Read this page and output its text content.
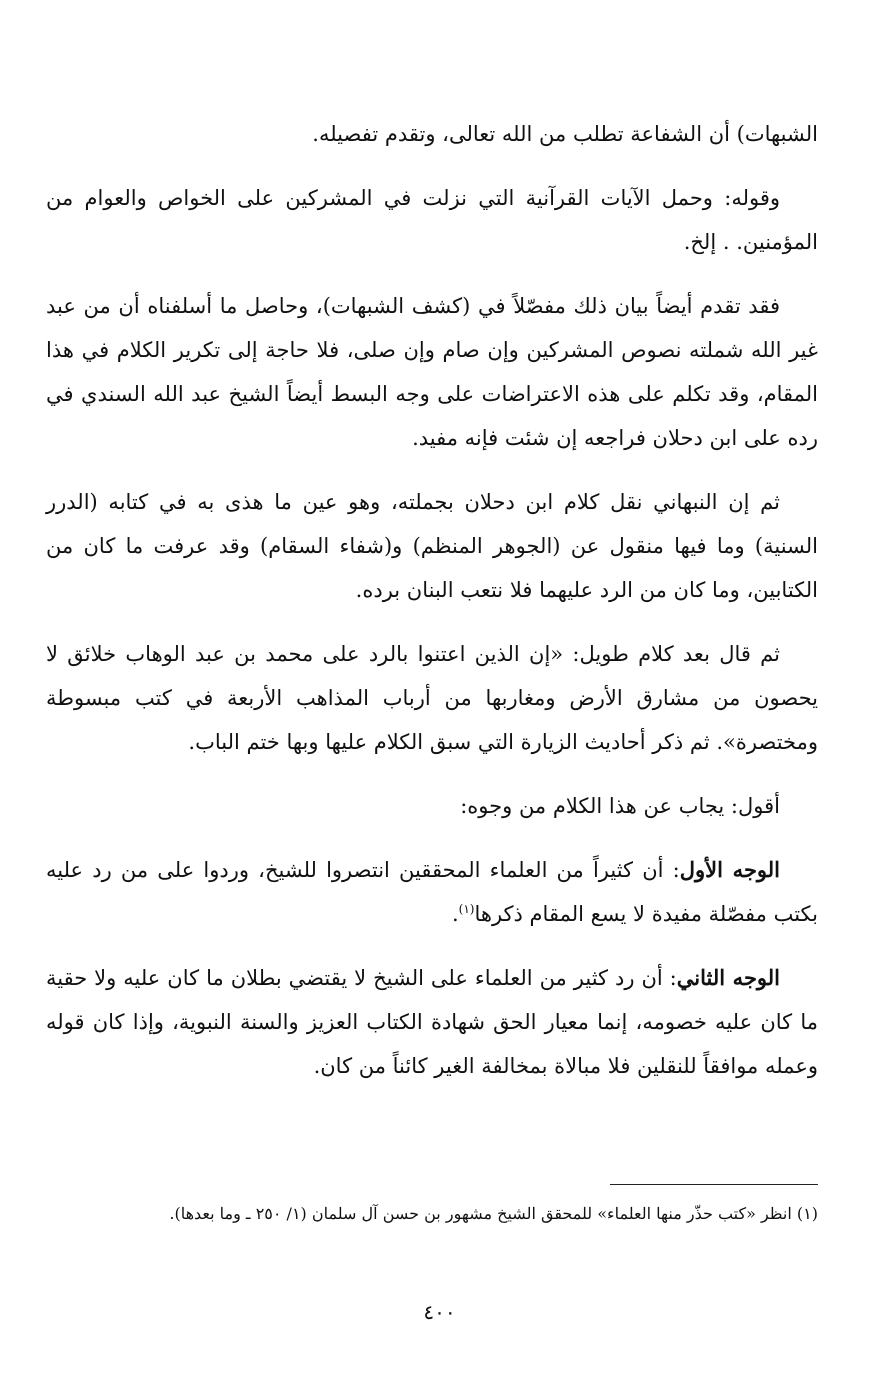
الشبهات) أن الشفاعة تطلب من الله تعالى، وتقدم تفصيله.

وقوله: وحمل الآيات القرآنية التي نزلت في المشركين على الخواص والعوام من المؤمنين. . إلخ.

فقد تقدم أيضاً بيان ذلك مفصّلاً في (كشف الشبهات)، وحاصل ما أسلفناه أن من عبد غير الله شملته نصوص المشركين وإن صام وإن صلى، فلا حاجة إلى تكرير الكلام في هذا المقام، وقد تكلم على هذه الاعتراضات على وجه البسط أيضاً الشيخ عبد الله السندي في رده على ابن دحلان فراجعه إن شئت فإنه مفيد.

ثم إن النبهاني نقل كلام ابن دحلان بجملته، وهو عين ما هذى به في كتابه (الدرر السنية) وما فيها منقول عن (الجوهر المنظم) و(شفاء السقام) وقد عرفت ما كان من الكتابين، وما كان من الرد عليهما فلا نتعب البنان برده.

ثم قال بعد كلام طويل: «إن الذين اعتنوا بالرد على محمد بن عبد الوهاب خلائق لا يحصون من مشارق الأرض ومغاربها من أرباب المذاهب الأربعة في كتب مبسوطة ومختصرة». ثم ذكر أحاديث الزيارة التي سبق الكلام عليها وبها ختم الباب.

أقول: يجاب عن هذا الكلام من وجوه:

الوجه الأول: أن كثيراً من العلماء المحققين انتصروا للشيخ، وردوا على من رد عليه بكتب مفصّلة مفيدة لا يسع المقام ذكرها$^{(١)}$.

الوجه الثاني: أن رد كثير من العلماء على الشيخ لا يقتضي بطلان ما كان عليه ولا حقية ما كان عليه خصومه، إنما معيار الحق شهادة الكتاب العزيز والسنة النبوية، وإذا كان قوله وعمله موافقاً للنقلين فلا مبالاة بمخالفة الغير كائناً من كان.

(١) انظر «كتب حذّر منها العلماء» للمحقق الشيخ مشهور بن حسن آل سلمان (١/ ٢٥٠ ـ وما بعدها).
٤٠٠
